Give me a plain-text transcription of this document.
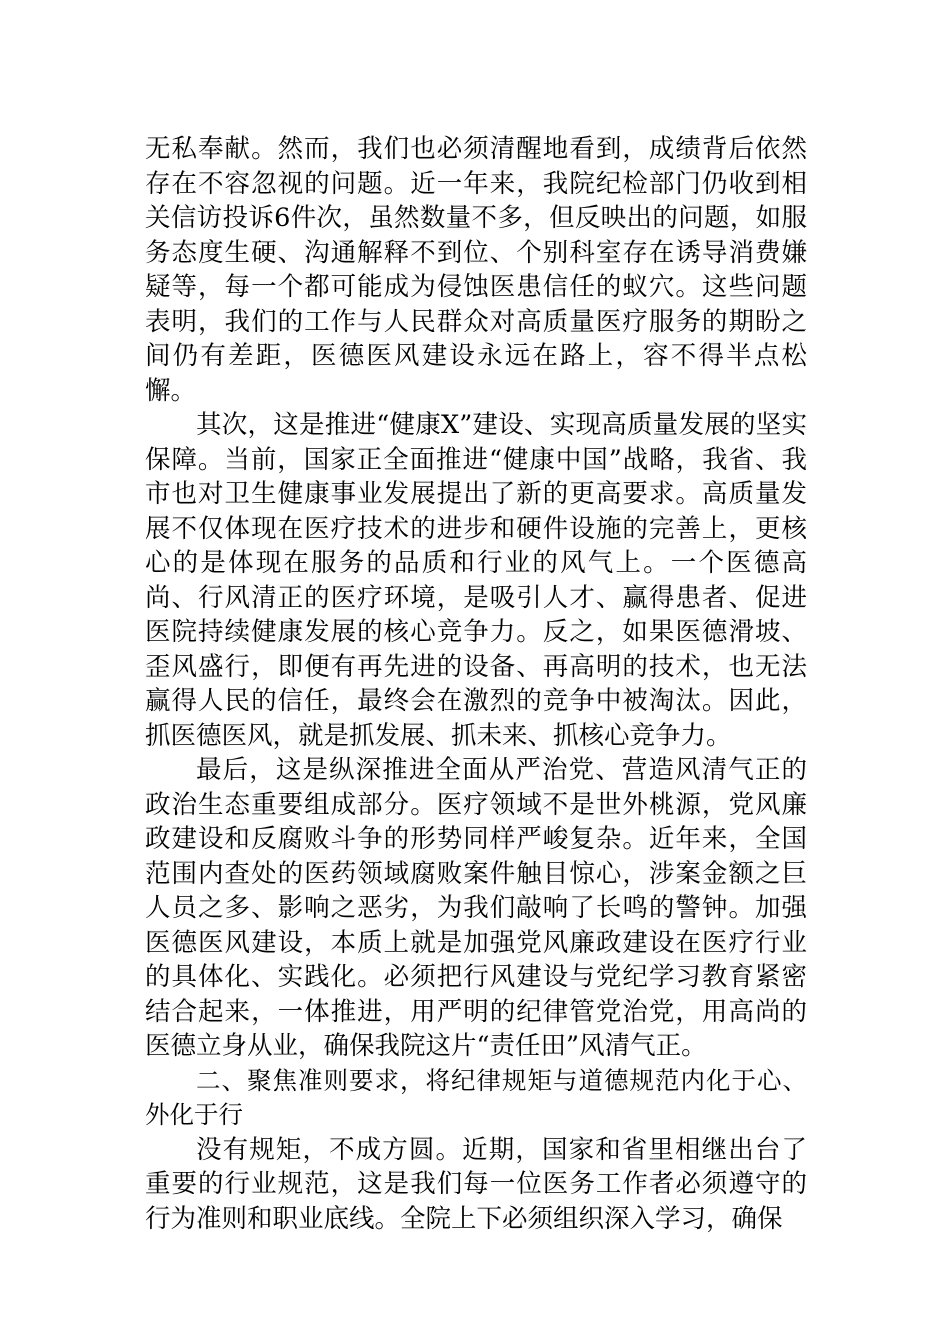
无私奉献。然而，我们也必须清醒地看到，成绩背后依然存在不容忽视的问题。近一年来，我院纪检部门仍收到相关信访投诉6件次，虽然数量不多，但反映出的问题，如服务态度生硬、沟通解释不到位、个别科室存在诱导消费嫌疑等，每一个都可能成为侵蚀医患信任的蚁穴。这些问题表明，我们的工作与人民群众对高质量医疗服务的期盼之间仍有差距，医德医风建设永远在路上，容不得半点松懈。

其次，这是推进“健康X”建设、实现高质量发展的坚实保障。当前，国家正全面推进“健康中国”战略，我省、我市也对卫生健康事业发展提出了新的更高要求。高质量发展不仅体现在医疗技术的进步和硬件设施的完善上，更核心的是体现在服务的品质和行业的风气上。一个医德高尚、行风清正的医疗环境，是吸引人才、赢得患者、促进医院持续健康发展的核心竞争力。反之，如果医德滑坡、歪风盛行，即便有再先进的设备、再高明的技术，也无法赢得人民的信任，最终会在激烈的竞争中被淘汰。因此，抓医德医风，就是抓发展、抓未来、抓核心竞争力。

最后，这是纵深推进全面从严治党、营造风清气正的政治生态重要组成部分。医疗领域不是世外桃源，党风廉政建设和反腐败斗争的形势同样严峻复杂。近年来，全国范围内查处的医药领域腐败案件触目惊心，涉案金额之巨人员之多、影响之恶劣，为我们敲响了长鸣的警钟。加强医德医风建设，本质上就是加强党风廉政建设在医疗行业的具体化、实践化。必须把行风建设与党纪学习教育紧密结合起来，一体推进，用严明的纪律管党治党，用高尚的医德立身从业，确保我院这片“责任田”风清气正。

二、聚焦准则要求，将纪律规矩与道德规范内化于心、外化于行

没有规矩，不成方圆。近期，国家和省里相继出台了重要的行业规范，这是我们每一位医务工作者必须遵守的行为准则和职业底线。全院上下必须组织深入学习，确保
